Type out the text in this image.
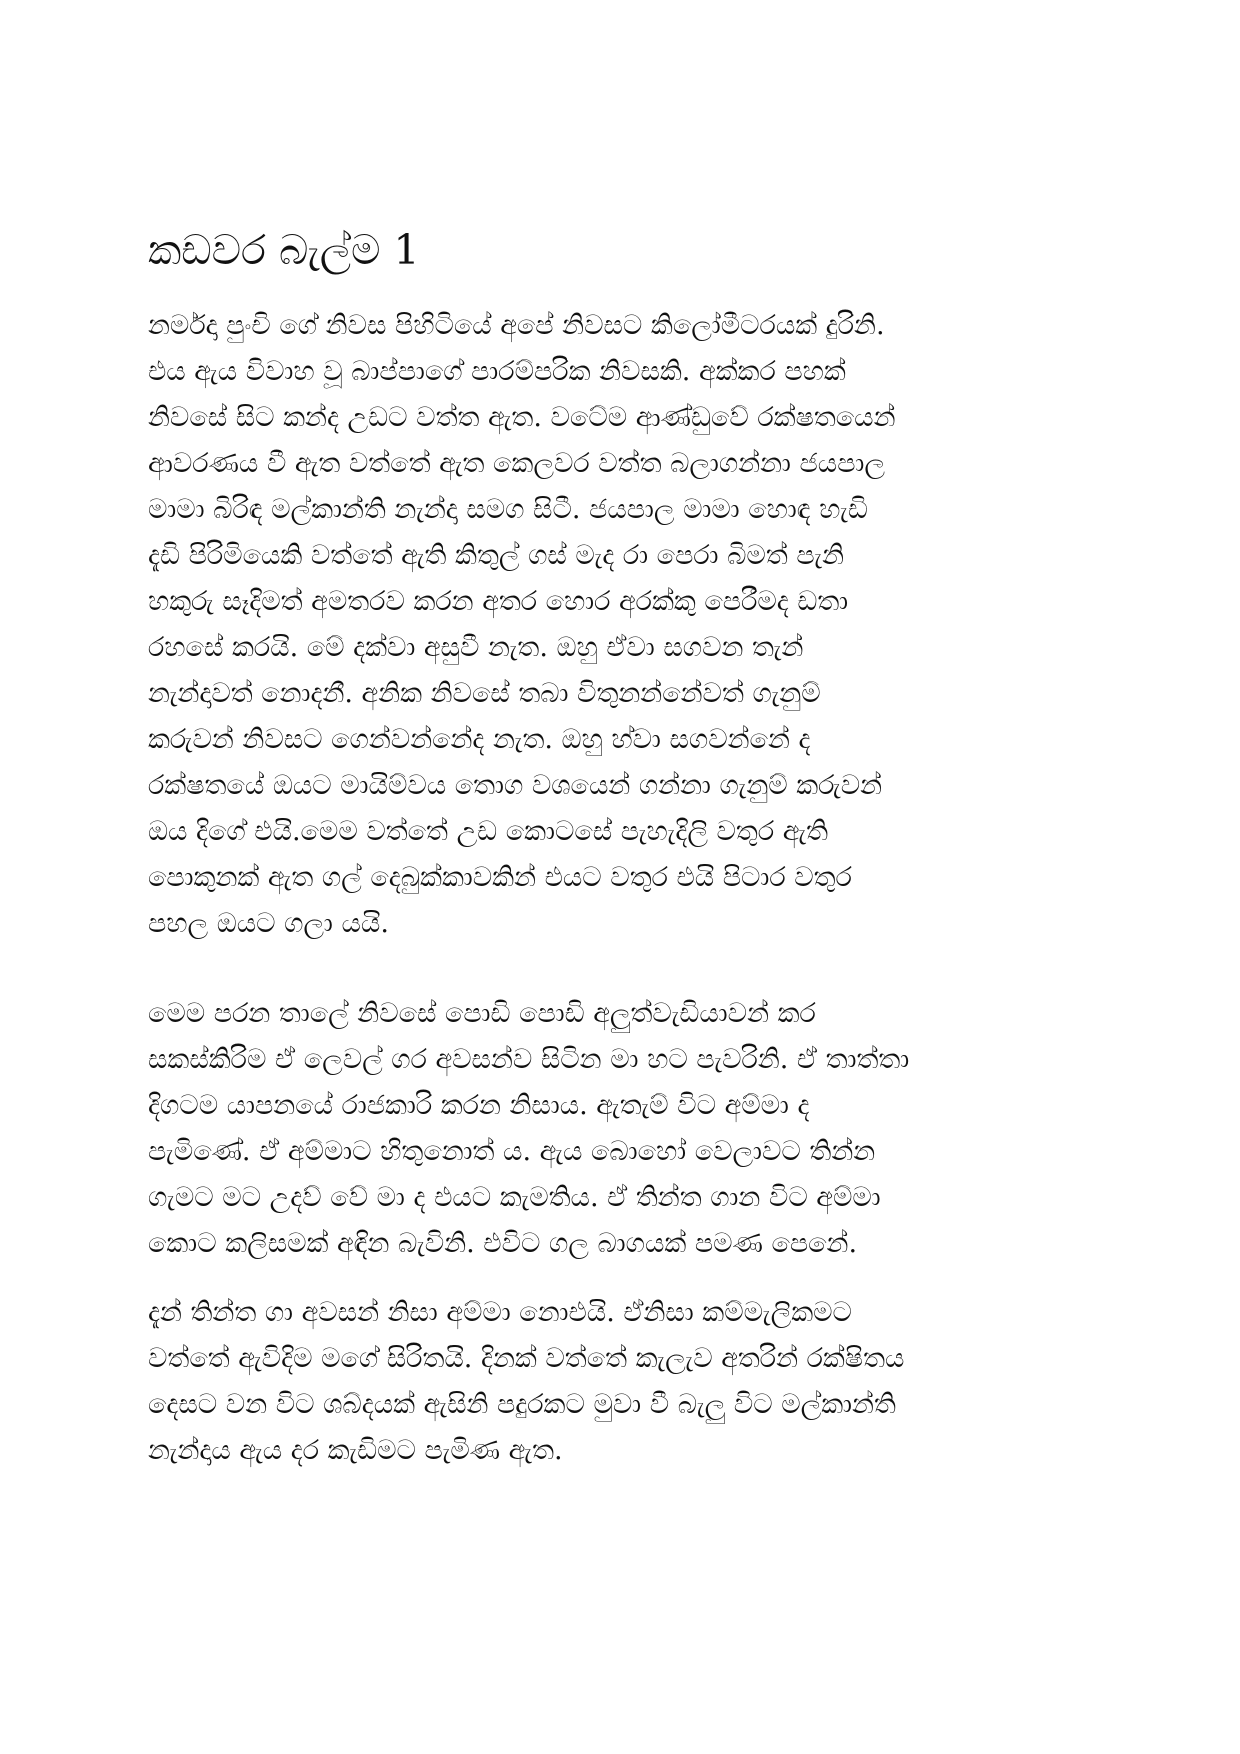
කඩවර බැල්ම 1
නර්මදා පුංචි ගේ නිවස පිහිටියේ අපේ නිවසට කිලෝමීටරයක් දුරිනි.
එය ඇය විවාහ වූ බාප්පාගේ පාරම්පරික නිවසකි. අක්කර පහක්
නිවසේ සිට කන්ද උඩට වත්ත ඇත. වටේම ආණ්ඩුවේ රක්ෂතයෙන්
ආවරණය වී ඇත වත්තේ ඇත කෙලවර වත්ත බලාගන්නා ජයපාල
මාමා බිරිඳ මල්කාන්ති නැන්දා සමග සිටී. ජයපාල මාමා හොඳ හැඩි
දැඩි පිරිමියෙකි වත්තේ ඇති කිතුල් ගස් මැද රා පෙරා බිමත් පැනි
හකුරු සෑදිමත් අමතරව කරන අතර හොර අරක්කු පෙරීමද ඩතා
රහසේ කරයි. මේ දක්වා අසුවී නැත. ඔහු ඒවා සගවන තැන්
නැන්දාවත් නොදනී. අනික නිවසේ තබා විතුනන්නේවත් ගැනුම්
කරුවන් නිවසට ගෙන්වන්නේද නැත. ඔහු හ්වා සගවන්නේ ද
රක්ෂතයේ ඔයට මායිම්වය තොග වශයෙන් ගන්නා ගැනුම් කරුවන්
ඔය දිගේ එයි.මෙම වත්තේ උඩ කොටසේ පැහැදිලි වතුර ඇති
පොකුනක් ඇත ගල් දෙබුක්කාවකින් එයට වතුර එයි පිටාර වතුර
පහල ඔයට ගලා යයි.
මෙම පරන තාලේ නිවසේ පොඩි පොඩි අලුත්වැඩියාවන් කර
සකස්කිරිම ඒ ලෙවල් ගර අවසන්ව සිටින මා හට පැවරිනි. ඒ තාත්තා
දිගටම යාපනයේ රාජකාරි කරන නිසාය. ඇතැම් විට අම්මා ද
පැමිණේ. ඒ අම්මාට හිතුනොත් ය. ඇය බොහෝ වෙලාවට තින්න
ගැමට මට උදව් වේ මා ද එයට කැමතිය. ඒ තින්ත ගාන විට අම්මා
කොට කලිසමක් අඳින බැවිනි. එවිට ගල බාගයක් පමණ පෙනේ.
දැන් තින්ත ගා අවසන් නිසා අම්මා නොඑයි. ඒනිසා කම්මැලිකමට
වත්තේ ඇවිදිම මගේ සිරිතයි. දිනක් වත්තේ කැලැව අතරින් රක්ෂිතය
දෙසට වන විට ශබ්දයක් ඇසිනි පදුරකට මුවා වී බැලු විට මල්කාන්ති
නැන්දාය ඇය දර කැඩිමට පැමිණ ඇත.
